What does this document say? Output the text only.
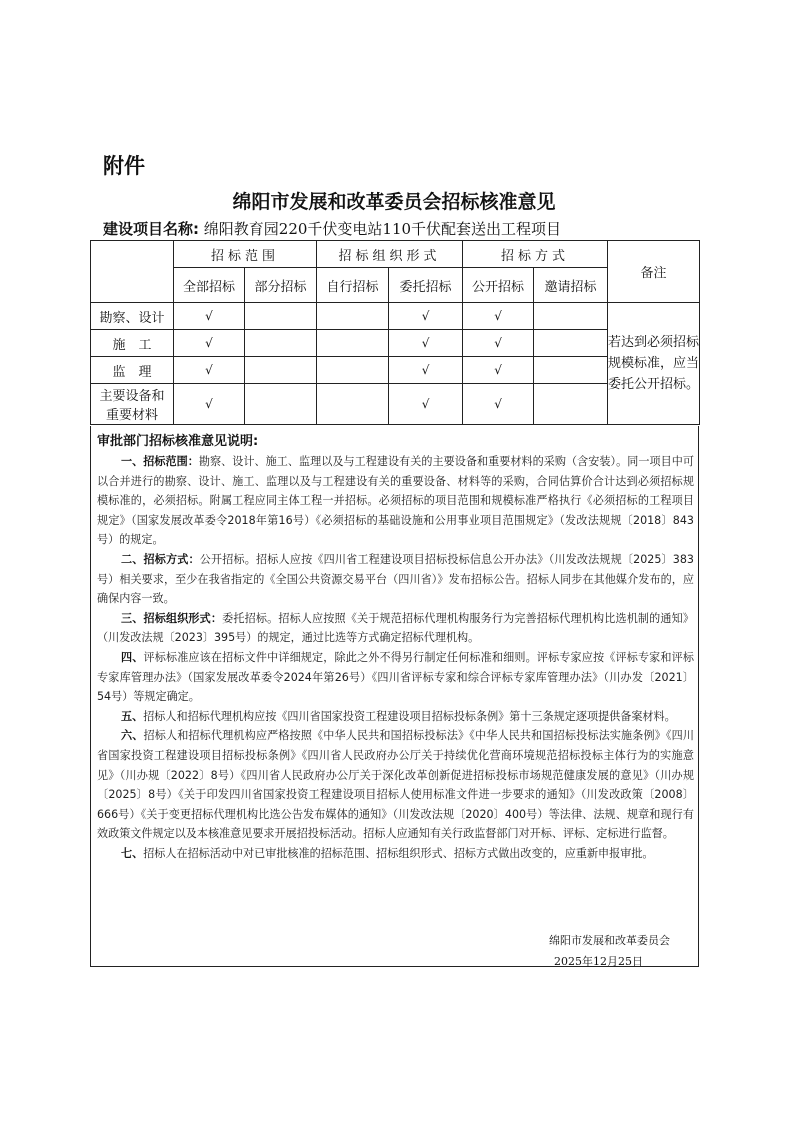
附件
绵阳市发展和改革委员会招标核准意见
建设项目名称: 绵阳教育园220千伏变电站110千伏配套送出工程项目
	招标范围		招标组织形式		招标方式		备注
	全部招标	部分招标	自行招标	委托招标	公开招标	邀请招标	
勘察、设计	√			√	√		若达到必须招标规模标准，应当委托公开招标。
施　工	√			√	√		
监　理	√			√	√		
主要设备和
重要材料	√			√	√		
审批部门招标核准意见说明:

一、招标范围：勘察、设计、施工、监理以及与工程建设有关的主要设备和重要材料的采购（含安装）。同一项目中可以合并进行的勘察、设计、施工、监理以及与工程建设有关的重要设备、材料等的采购，合同估算价合计达到必须招标规模标准的，必须招标。附属工程应同主体工程一并招标。必须招标的项目范围和规模标准严格执行《必须招标的工程项目规定》（国家发展改革委令2018年第16号）《必须招标的基础设施和公用事业项目范围规定》（发改法规规〔2018〕843号）的规定。

二、招标方式：公开招标。招标人应按《四川省工程建设项目招标投标信息公开办法》（川发改法规规〔2025〕383号）相关要求，至少在我省指定的《全国公共资源交易平台（四川省）》发布招标公告。招标人同步在其他媒介发布的，应确保内容一致。

三、招标组织形式：委托招标。招标人应按照《关于规范招标代理机构服务行为完善招标代理机构比选机制的通知》（川发改法规〔2023〕395号）的规定，通过比选等方式确定招标代理机构。

四、评标标准应该在招标文件中详细规定，除此之外不得另行制定任何标准和细则。评标专家应按《评标专家和评标专家库管理办法》（国家发展改革委令2024年第26号）《四川省评标专家和综合评标专家库管理办法》（川办发〔2021〕54号）等规定确定。

五、招标人和招标代理机构应按《四川省国家投资工程建设项目招标投标条例》第十三条规定逐项提供备案材料。

六、招标人和招标代理机构应严格按照《中华人民共和国招标投标法》《中华人民共和国招标投标法实施条例》《四川省国家投资工程建设项目招标投标条例》《四川省人民政府办公厅关于持续优化营商环境规范招标投标主体行为的实施意见》（川办规〔2022〕8号）《四川省人民政府办公厅关于深化改革创新促进招标投标市场规范健康发展的意见》（川办规〔2025〕8号）《关于印发四川省国家投资工程建设项目招标人使用标准文件进一步要求的通知》（川发改政策〔2008〕666号）《关于变更招标代理机构比选公告发布媒体的通知》（川发改法规〔2020〕400号）等法律、法规、规章和现行有效政策文件规定以及本核准意见要求开展招投标活动。招标人应通知有关行政监督部门对开标、评标、定标进行监督。

七、招标人在招标活动中对已审批核准的招标范围、招标组织形式、招标方式做出改变的，应重新申报审批。

绵阳市发展和改革委员会
2025年12月25日
